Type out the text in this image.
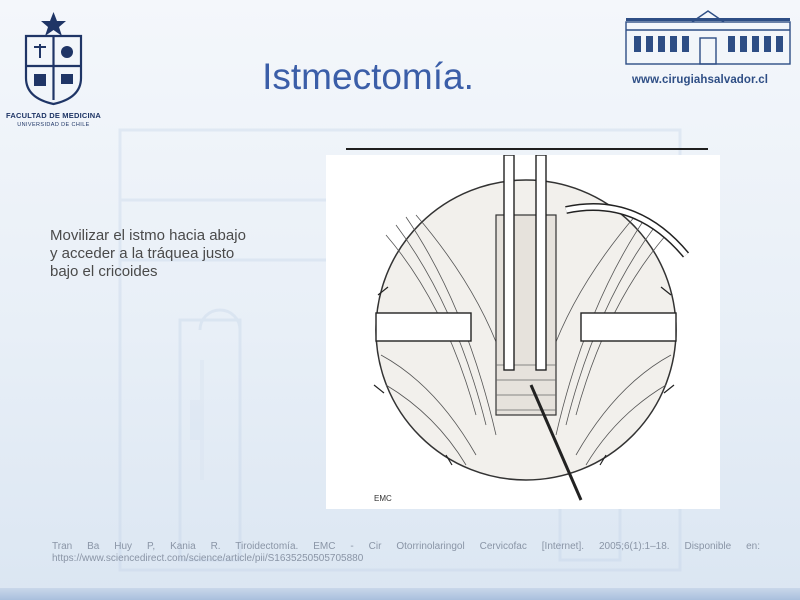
FACULTAD DE MEDICINA
UNIVERSIDAD DE CHILE
www.cirugiahsalvador.cl
Istmectomía.
Movilizar el istmo hacia abajo y acceder a la tráquea justo bajo el cricoides
EMC
Tran Ba Huy P, Kania R. Tiroidectomía. EMC - Cir Otorrinolaringol Cervicofac [Internet]. 2005;6(1):1–18. Disponible en: https://www.sciencedirect.com/science/article/pii/S1635250505705880
